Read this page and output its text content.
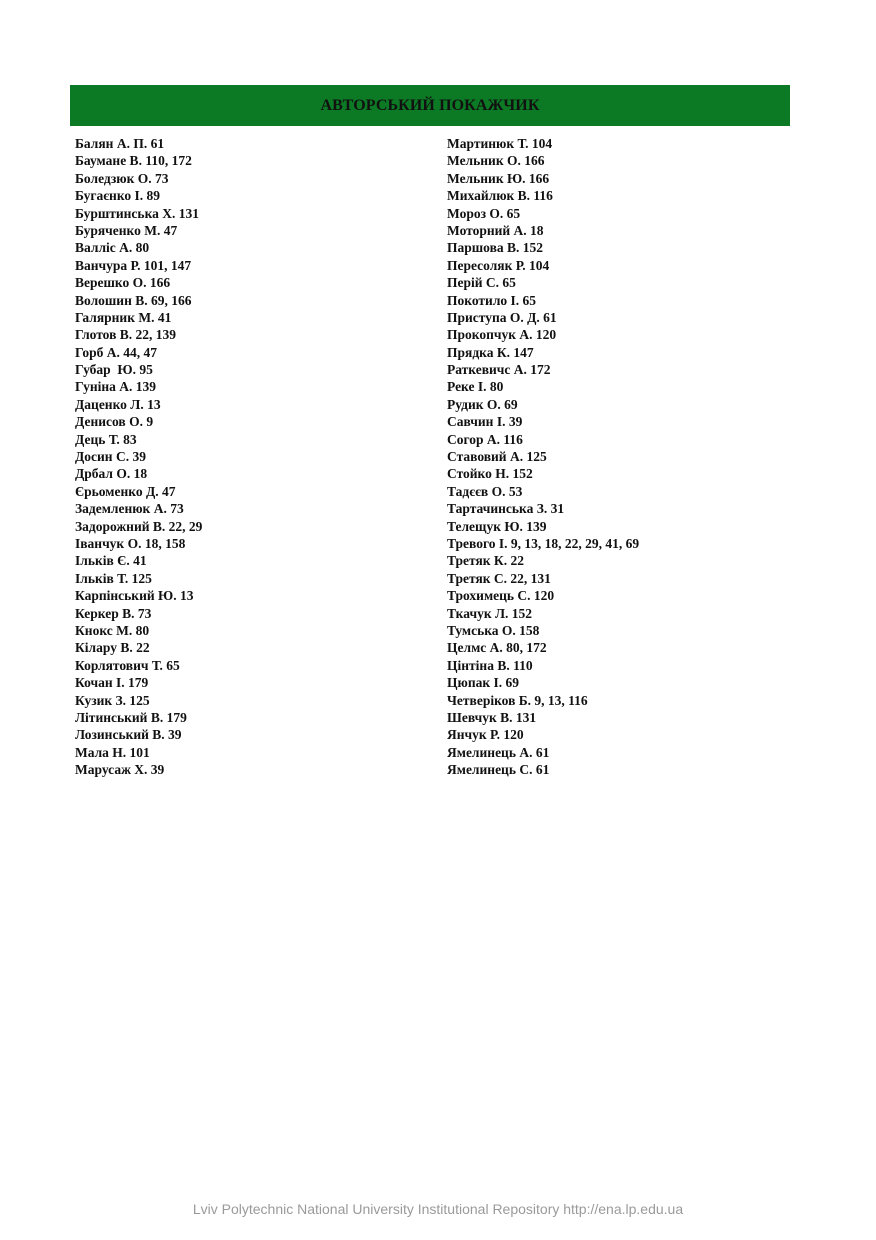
АВТОРСЬКИЙ ПОКАЖЧИК
Балян А. П. 61
Баумане В. 110, 172
Боледзюк О. 73
Бугаєнко І. 89
Бурштинська Х. 131
Буряченко М. 47
Валліс А. 80
Ванчура Р. 101, 147
Верешко О. 166
Волошин В. 69, 166
Галярник М. 41
Глотов В. 22, 139
Горб А. 44, 47
Губар  Ю. 95
Гуніна А. 139
Даценко Л. 13
Денисов О. 9
Дець Т. 83
Досин С. 39
Дрбал О. 18
Єрьоменко Д. 47
Задемленюк А. 73
Задорожний В. 22, 29
Іванчук О. 18, 158
Ільків Є. 41
Ільків Т. 125
Карпінський Ю. 13
Керкер В. 73
Кнокс М. 80
Кілару В. 22
Корлятович Т. 65
Кочан І. 179
Кузик З. 125
Літинський В. 179
Лозинський В. 39
Мала Н. 101
Марусаж Х. 39
Мартинюк Т. 104
Мельник О. 166
Мельник Ю. 166
Михайлюк В. 116
Мороз О. 65
Моторний А. 18
Паршова В. 152
Пересоляк Р. 104
Перій С. 65
Покотило І. 65
Приступа О. Д. 61
Прокопчук А. 120
Прядка К. 147
Раткевичс А. 172
Реке І. 80
Рудик О. 69
Савчин І. 39
Согор А. 116
Ставовий А. 125
Стойко Н. 152
Тадєєв О. 53
Тартачинська З. 31
Телещук Ю. 139
Тревого І. 9, 13, 18, 22, 29, 41, 69
Третяк К. 22
Третяк С. 22, 131
Трохимець С. 120
Ткачук Л. 152
Тумська О. 158
Целмс А. 80, 172
Цінтіна В. 110
Цюпак І. 69
Четверіков Б. 9, 13, 116
Шевчук В. 131
Янчук Р. 120
Ямелинець А. 61
Ямелинець С. 61
Lviv Polytechnic National University Institutional Repository http://ena.lp.edu.ua
